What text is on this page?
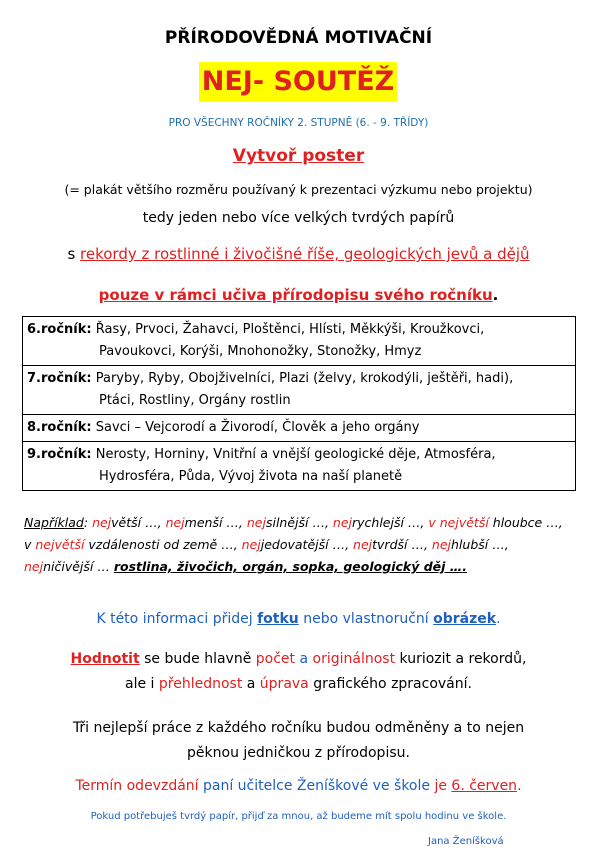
PŘÍRODOVĚDNÁ MOTIVAČNÍ
NEJ- SOUTĚŽ
PRO VŠECHNY ROČNÍKY 2. STUPNĚ (6. - 9. TŘÍDY)
Vytvoř poster
(= plakát většího rozměru používaný k prezentaci výzkumu nebo projektu)
tedy jeden nebo více velkých tvrdých papírů
s rekordy z rostlinné i živočišné říše, geologických jevů a dějů
pouze v rámci učiva přírodopisu svého ročníku.
6.ročník: Řasy, Prvoci, Žahavci, Ploštěnci, Hlísti, Měkkýši, Kroužkovci,
Pavoukovci, Korýši, Mnohonožky, Stonožky, Hmyz
7.ročník: Paryby, Ryby, Obojživelníci, Plazi (želvy, krokodýli, ještěři, hadi),
Ptáci, Rostliny, Orgány rostlin
8.ročník: Savci – Vejcorodí a Živorodí, Člověk a jeho orgány
9.ročník: Nerosty, Horniny, Vnitřní a vnější geologické děje, Atmosféra,
Hydrosféra, Půda, Vývoj života na naší planetě
Například: největší …, nejmenší …, nejsilnější …, nejrychlejší …, v největší hloubce …, v největší vzdálenosti od země …, nejjedovatější …, nejtvrdší …, nejhlubší …, nejničivější … rostlina, živočich, orgán, sopka, geologický děj ….
K této informaci přidej fotku nebo vlastnoruční obrázek.
Hodnotit se bude hlavně počet a originálnost kuriozit a rekordů,
ale i přehlednost a úprava grafického zpracování.
Tři nejlepší práce z každého ročníku budou odměněny a to nejen
pěknou jedničkou z přírodopisu.
Termín odevzdání paní učitelce Ženíškové ve škole je 6. červen.
Pokud potřebuješ tvrdý papír, přijď za mnou, až budeme mít spolu hodinu ve škole.
Jana Ženíšková
